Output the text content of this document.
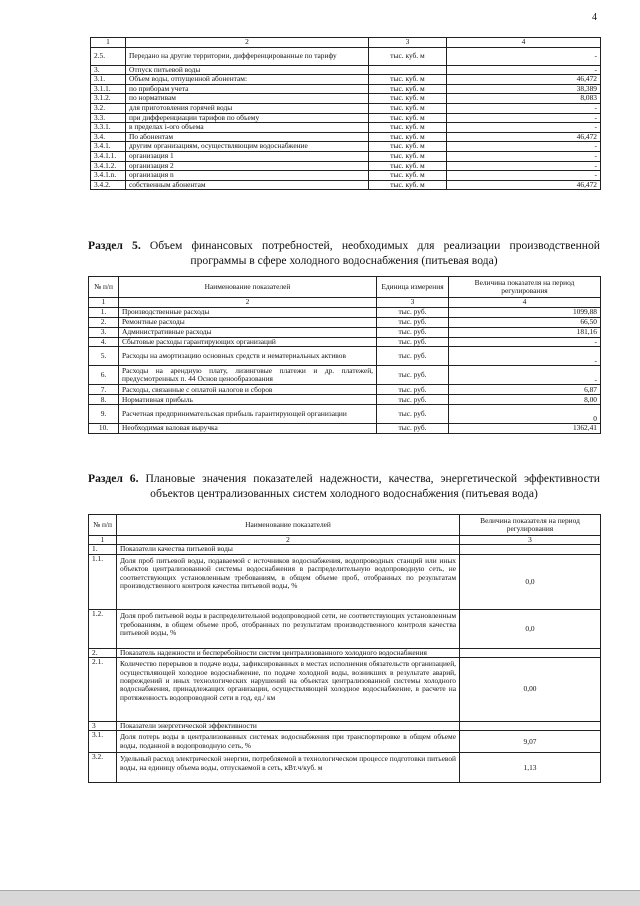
4
1	2	3	4
2.5.	Передано на другие территории, дифференцированные по тарифу	тыс. куб. м	-
3.	Отпуск питьевой воды		-
3.1.	Объем воды, отпущенной абонентам:	тыс. куб. м	46,472
3.1.1.	по приборам учета	тыс. куб. м	38,389
3.1.2.	по нормативам	тыс. куб. м	8,083
3.2.	для приготовления горячей воды	тыс. куб. м	-
3.3.	при дифференциации тарифов по объему	тыс. куб. м	-
3.3.1.	в пределах i-ого объема	тыс. куб. м	-
3.4.	По абонентам	тыс. куб. м	46,472
3.4.1.	другим организациям, осуществляющим водоснабжение	тыс. куб. м	-
3.4.1.1.	организация 1	тыс. куб. м	-
3.4.1.2.	организация 2	тыс. куб. м	-
3.4.1.n.	организация n	тыс. куб. м	-
3.4.2.	собственным абонентам	тыс. куб. м	46,472
Раздел 5. Объем финансовых потребностей, необходимых для реализации производственной программы в сфере холодного водоснабжения (питьевая вода)
№ п/п	Наименование показателей	Единица измерения	Величина показателя на период регулирования
1	2	3	4
1.	Производственные расходы	тыс. руб.	1099,88
2.	Ремонтные расходы	тыс. руб.	66,50
3.	Административные расходы	тыс. руб.	181,16
4.	Сбытовые расходы гарантирующих организаций	тыс. руб.	-
5.	Расходы на амортизацию основных средств и нематериальных активов	тыс. руб.	-
6.	Расходы на арендную плату, лизинговые платежи и др. платежей, предусмотренных п. 44 Основ ценообразования	тыс. руб.	-
7.	Расходы, связанные с оплатой налогов и сборов	тыс. руб.	6,87
8.	Нормативная прибыль	тыс. руб.	8,00
9.	Расчетная предпринимательская прибыль гарантирующей организации	тыс. руб.	0
10.	Необходимая валовая выручка	тыс. руб.	1362,41
Раздел 6. Плановые значения показателей надежности, качества, энергетической эффективности объектов централизованных систем холодного водоснабжения (питьевая вода)
№ п/п	Наименование показателей	Величина показателя на период регулирования
1	2	3
1.	Показатели качества питьевой воды	
1.1.	Доля проб питьевой воды, подаваемой с источников водоснабжения, водопроводных станций или иных объектов централизованной системы водоснабжения в распределительную водопроводную сеть, не соответствующих установленным требованиям, в общем объеме проб, отобранных по результатам производственного контроля качества питьевой воды, %	0,0
1.2.	Доля проб питьевой воды в распределительной водопроводной сети, не соответствующих установленным требованиям, в общем объеме проб, отобранных по результатам производственного контроля качества питьевой воды, %	0,0
2.	Показатель надежности и бесперебойности систем централизованного холодного водоснабжения	
2.1.	Количество перерывов в подаче воды, зафиксированных в местах исполнения обязательств организацией, осуществляющей холодное водоснабжение, по подаче холодной воды, возникших в результате аварий, повреждений и иных технологических нарушений на объектах централизованной системы холодного водоснабжения, принадлежащих организации, осуществляющей холодное водоснабжение, в расчете на протяженность водопроводной сети в год, ед./ км	0,00
3	Показатели энергетической эффективности	
3.1.	Доля потерь воды в централизованных системах водоснабжения при транспортировке в общем объеме воды, поданной в водопроводную сеть, %	9,07
3.2.	Удельный расход электрической энергии, потребляемой в технологическом процессе подготовки питьевой воды, на единицу объема воды, отпускаемой в сеть, кВт.ч/куб. м	1,13
